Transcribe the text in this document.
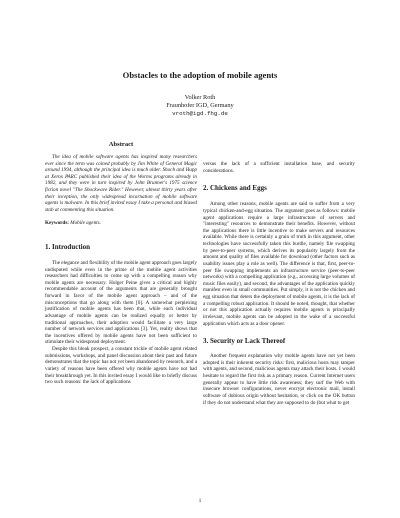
Obstacles to the adoption of mobile agents
Volker Roth
Fraunhofer IGD, Germany
vroth@igd.fhg.de
Abstract

The idea of mobile software agents has inspired many researchers ever since the term was coined probably by Jim White of General Magic around 1994, although the principal idea is much older. Shoch and Hupp at Xerox PARC published their idea of the Worms programs already in 1982, and they were in turn inspired by John Brunner's 1975 science fiction novel "The Shockwave Rider." However, almost thirty years after their inception, the only widespread incarnation of mobile software agents is malware. In this brief invited essay I take a personal and biased stab at commenting this situation.

Keywords: Mobile agents.

1. Introduction

The elegance and flexibility of the mobile agent approach goes largely undisputed while even in the prime of the mobile agent activities researchers had difficulties to come up with a compelling reason why mobile agents are necessary. Holger Peine gives a critical and highly recommendable account of the arguments that are generally brought forward in favor of the mobile agent approach – and of the misconceptions that go along with them [6]. A somewhat perplexing justification of mobile agents has been that, while each individual advantage of mobile agents can be realized equally or better by traditional approaches, their adoption would facilitate a very large number of network services and applications [3]. Yet, reality shows that the incentives offered by mobile agents have not been sufficient to stimulate their widespread deployment.

Despite this bleak prospect, a constant trickle of mobile agent related submissions, workshops, and panel discussion about their past and future demonstrates that the topic has not yet been abandoned by research, and a variety of reasons have been offered why mobile agents have not had their breakthrough yet. In this invited essay I would like to briefly discuss two such reasons: the lack of applications

versus the lack of a sufficient installation base, and security considerations.

2. Chickens and Eggs

Among other reasons, mobile agents are said to suffer from a very typical chicken-and-egg situation. The argument goes as follows: mobile agent applications require a large infrastructure of servers and "interesting" resources to demonstrate their benefits. However, without the applications there is little incentive to make servers and resources available. While there is certainly a grain of truth in this argument, other technologies have successfully taken this hurdle, namely file swapping by peer-to-peer systems, which derives its popularity largely from the amount and quality of files available for download (other factors such as usability issues play a role as well). The difference is that, first, peer-to-peer file swapping implements an infrastructure service (peer-to-peer networks) with a compelling application (e.g., accessing large volumes of music files easily), and second, the advantages of the application quickly manifest even in small communities. Put simply, it is not the chicken and egg situation that deters the deployment of mobile agents, it is the lack of a compelling robust application. It should be noted, thought, that whether or not this application actually requires mobile agents is principally irrelevant, mobile agents can be adopted in the wake of a successful application which acts as a door opener.

3. Security or Lack Thereof

Another frequent explanation why mobile agents have not yet been adopted is their inherent security risks: first, malicious hosts may tamper with agents, and second, malicious agents may attack their hosts. I would hesitate to regard the first risk as a primary reason. Current Internet users generally appear to have little risk awareness; they surf the Web with insecure browser configurations, never encrypt electronic mail, install software of dubious origin without hesitation, or click on the OK button if they do not understand what they are supposed to do (but what to get

1
